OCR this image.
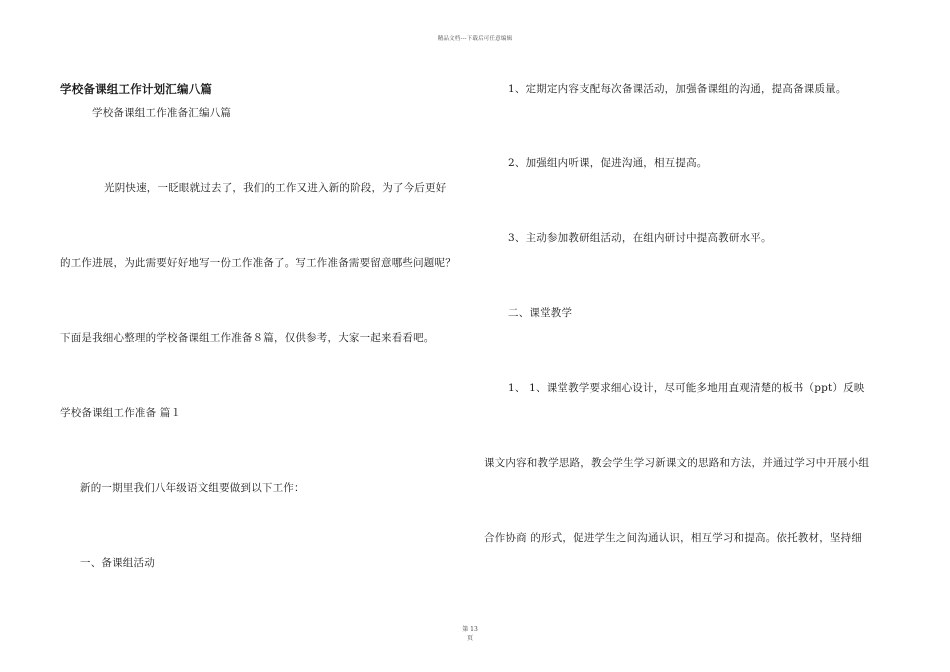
精品文档---下载后可任意编辑
学校备课组工作计划汇编八篇
学校备课组工作准备汇编八篇
光阴快速，一眨眼就过去了，我们的工作又进入新的阶段，为了今后更好
的工作进展，为此需要好好地写一份工作准备了。写工作准备需要留意哪些问题呢？
下面是我细心整理的学校备课组工作准备８篇，仅供参考，大家一起来看看吧。
学校备课组工作准备 篇１
新的一期里我们八年级语文组要做到以下工作：
一、备课组活动
1、定期定内容支配每次备课活动，加强备课组的沟通，提高备课质量。
2、加强组内听课，促进沟通，相互提高。
3、主动参加教研组活动，在组内研讨中提高教研水平。
二、课堂教学
1、 1、课堂教学要求细心设计，尽可能多地用直观清楚的板书（ppt）反映
课文内容和教学思路，教会学生学习新课文的思路和方法，并通过学习中开展小组
合作协商 的形式，促进学生之间沟通认识，相互学习和提高。依托教材，坚持细
第 13
页
